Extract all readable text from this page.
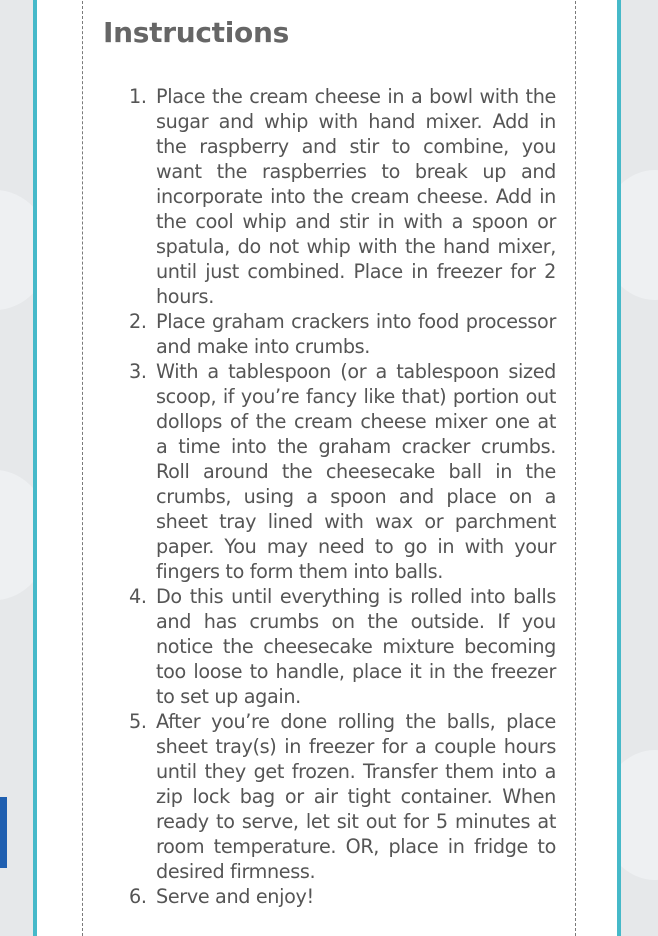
Instructions
1. Place the cream cheese in a bowl with the sugar and whip with hand mixer. Add in the raspberry and stir to combine, you want the raspberries to break up and incorporate into the cream cheese. Add in the cool whip and stir in with a spoon or spatula, do not whip with the hand mixer, until just combined. Place in freezer for 2 hours.
2. Place graham crackers into food processor and make into crumbs.
3. With a tablespoon (or a tablespoon sized scoop, if you’re fancy like that) portion out dollops of the cream cheese mixer one at a time into the graham cracker crumbs. Roll around the cheesecake ball in the crumbs, using a spoon and place on a sheet tray lined with wax or parchment paper. You may need to go in with your fingers to form them into balls.
4. Do this until everything is rolled into balls and has crumbs on the outside. If you notice the cheesecake mixture becoming too loose to handle, place it in the freezer to set up again.
5. After you’re done rolling the balls, place sheet tray(s) in freezer for a couple hours until they get frozen. Transfer them into a zip lock bag or air tight container. When ready to serve, let sit out for 5 minutes at room temperature. OR, place in fridge to desired firmness.
6. Serve and enjoy!
